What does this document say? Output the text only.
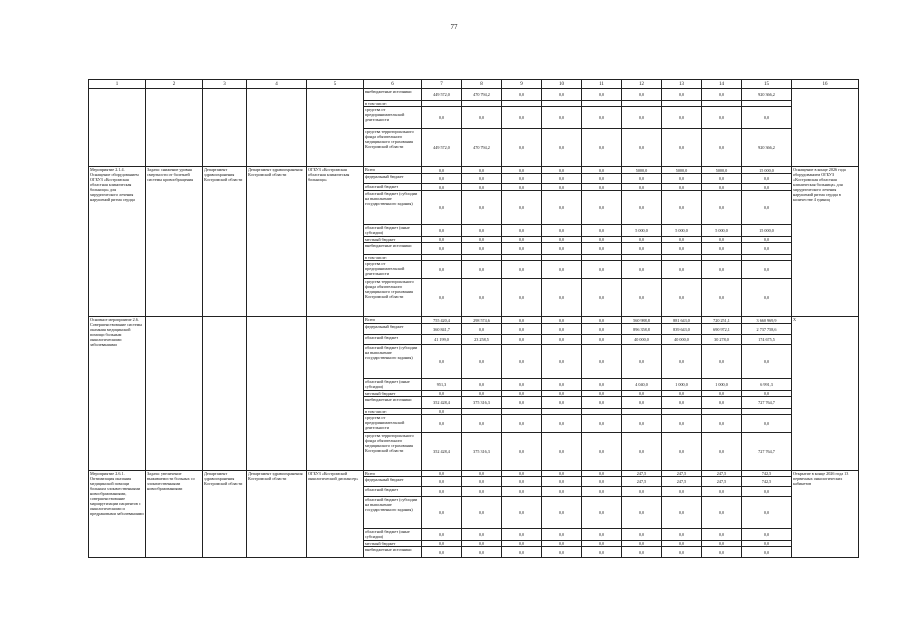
77
1	2	3	4	5	6	7	8	9	10	11	12	13	14	15	16
					внебюджетные источники	449 572,0	470 794,2	0,0	0,0	0,0	0,0	0,0	0,0	920 366,2	
					в том числе:										
					средства от предпринимательской деятельности	0,0	0,0	0,0	0,0	0,0	0,0	0,0	0,0	0,0	
					средства территориального фонда обязательного медицинского страхования Костромской области	449 572,0	470 794,2	0,0	0,0	0,0	0,0	0,0	0,0	920 366,2	
Мероприятие 2.1.4. Оснащение оборудованием ОГБУЗ «Костромская областная клиническая больница» для хирургического лечения нарушений ритма сердца	Задача: снижение уровня смертности от болезней системы кровообращения	Департамент здравоохранения Костромской области	Департамент здравоохранения Костромской области	ОГБУЗ «Костромская областная клиническая больница»	Всего	0,0	0,0	0,0	0,0	0,0	5000,0	5000,0	5000,0	15 000,0	Оснащение в конце 2026 года оборудованием ОГБУЗ «Костромская областная клиническая больница» для хирургического лечения нарушений ритма сердца в количестве 4 единиц
					федеральный бюджет	0,0	0,0	0,0	0,0	0,0	0,0	0,0	0,0	0,0	
					областной бюджет	0,0	0,0	0,0	0,0	0,0	0,0	0,0	0,0	0,0	
					областной бюджет (субсидии на выполнение государственного задания)	0,0	0,0	0,0	0,0	0,0	0,0	0,0	0,0	0,0	
					областной бюджет (иные субсидии)	0,0	0,0	0,0	0,0	0,0	5 000,0	5 000,0	5 000,0	15 000,0	
					местный бюджет	0,0	0,0	0,0	0,0	0,0	0,0	0,0	0,0	0,0	
					внебюджетные источники	0,0	0,0	0,0	0,0	0,0	0,0	0,0	0,0	0,0	
					в том числе:										
					средства от предпринимательской деятельности	0,0	0,0	0,0	0,0	0,0	0,0	0,0	0,0	0,0	
					средства территориального фонда обязательного медицинского страхования Костромской области	0,0	0,0	0,0	0,0	0,0	0,0	0,0	0,0	0,0	
Основное мероприятие 2.6. Совершенствование системы оказания медицинской помощи больным онкологическими заболеваниями					Всего	755 420,4	298 574,6	0,0	0,0	0,0	560 988,8	881 643,0	720 251,1	3 660 969,9	Х
					федеральный бюджет	360 841,7	0,0	0,0	0,0	0,0	896 358,8	839 643,0	690 972,1	2 737 758,6	
					областной бюджет	41 199,0	23 258,5	0,0	0,0	0,0	40 000,0	40 000,0	30 278,0	174 675,5	
					областной бюджет (субсидии на выполнение государственного задания)	0,0	0,0	0,0	0,0	0,0	0,0	0,0	0,0	0,0	
					областной бюджет (иные субсидии)	951,3	0,0	0,0	0,0	0,0	4 040,0	1 000,0	1 000,0	6 991,3	
					местный бюджет	0,0	0,0	0,0	0,0	0,0	0,0	0,0	0,0	0,0	
					внебюджетные источники	352 428,4	375 316,3	0,0	0,0	0,0	0,0	0,0	0,0	727 764,7	
					в том числе:	0,0									
					средства от предпринимательской деятельности	0,0	0,0	0,0	0,0	0,0	0,0	0,0	0,0	0,0	
					средства территориального фонда обязательного медицинского страхования Костромской области	352 428,4	375 316,3	0,0	0,0	0,0	0,0	0,0	0,0	727 764,7	
Мероприятие 2.6.1. Оптимизация оказания медицинской помощи больным злокачественными новообразованиями, совершенствование маршрутизации пациентов с онкологическими и предраковыми заболеваниями	Задача: увеличение выживаемости больных со злокачественными новообразованиями	Департамент здравоохранения Костромской области	Департамент здравоохранения Костромской области	ОГБУЗ «Костромской онкологический диспансер»	Всего	0,0	0,0	0,0	0,0	0,0	247,5	247,5	247,5	742,5	Открытие в конце 2026 года 13 первичных онкологических кабинетов
					федеральный бюджет	0,0	0,0	0,0	0,0	0,0	247,5	247,5	247,5	742,5	
					областной бюджет	0,0	0,0	0,0	0,0	0,0	0,0	0,0	0,0	0,0	
					областной бюджет (субсидии на выполнение государственного задания)	0,0	0,0	0,0	0,0	0,0	0,0	0,0	0,0	0,0	
					областной бюджет (иные субсидии)	0,0	0,0	0,0	0,0	0,0	0,0	0,0	0,0	0,0	
					местный бюджет	0,0	0,0	0,0	0,0	0,0	0,0	0,0	0,0	0,0	
					внебюджетные источники	0,0	0,0	0,0	0,0	0,0	0,0	0,0	0,0	0,0	
